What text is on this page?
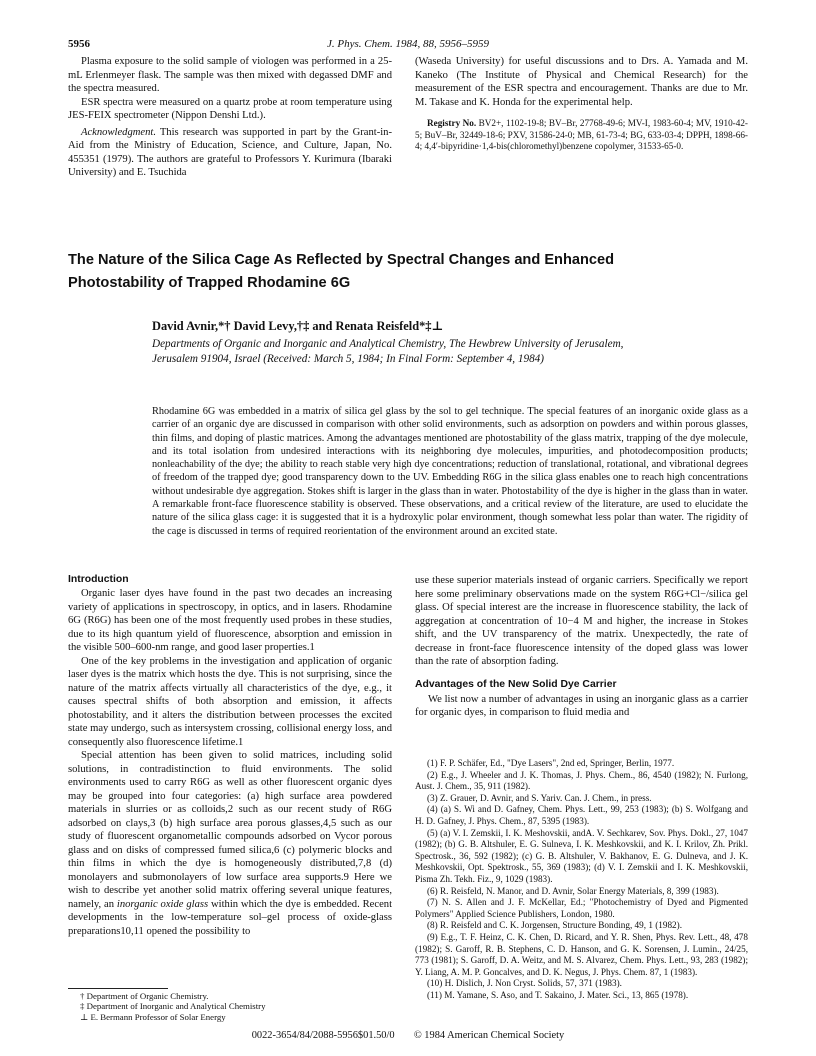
5956	J. Phys. Chem. 1984, 88, 5956–5959

Plasma exposure to the solid sample of viologen was performed in a 25-mL Erlenmeyer flask. The sample was then mixed with degassed DMF and the spectra measured.

ESR spectra were measured on a quartz probe at room temperature using JES-FEIX spectrometer (Nippon Denshi Ltd.).

Acknowledgment. This research was supported in part by the Grant-in-Aid from the Ministry of Education, Science, and Culture, Japan, No. 455351 (1979). The authors are grateful to Professors Y. Kurimura (Ibaraki University) and E. Tsuchida

(Waseda University) for useful discussions and to Drs. A. Yamada and M. Kaneko (The Institute of Physical and Chemical Research) for the measurement of the ESR spectra and encouragement. Thanks are due to Mr. M. Takase and K. Honda for the experimental help.

Registry No. BV2+, 1102-19-8; BV–Br, 27768-49-6; MV-I, 1983-60-4; MV, 1910-42-5; BuV–Br, 32449-18-6; PXV, 31586-24-0; MB, 61-73-4; BG, 633-03-4; DPPH, 1898-66-4; 4,4′-bipyridine·1,4-bis(chloromethyl)benzene copolymer, 31533-65-0.

The Nature of the Silica Cage As Reflected by Spectral Changes and Enhanced
Photostability of Trapped Rhodamine 6G
David Avnir,*† David Levy,†‡ and Renata Reisfeld*‡⊥
Departments of Organic and Inorganic and Analytical Chemistry, The Hewbrew University of Jerusalem,
Jerusalem 91904, Israel (Received: March 5, 1984; In Final Form: September 4, 1984)

Rhodamine 6G was embedded in a matrix of silica gel glass by the sol to gel technique. The special features of an inorganic oxide glass as a carrier of an organic dye are discussed in comparison with other solid environments, such as adsorption on powders and within porous glasses, thin films, and doping of plastic matrices. Among the advantages mentioned are photostability of the glass matrix, trapping of the dye molecule, and its total isolation from undesired interactions with its neighboring dye molecules, impurities, and photodecomposition products; nonleachability of the dye; the ability to reach stable very high dye concentrations; reduction of translational, rotational, and vibrational degrees of freedom of the trapped dye; good transparency down to the UV. Embedding R6G in the silica glass enables one to reach high concentrations without undesirable dye aggregation. Stokes shift is larger in the glass than in water. Photostability of the dye is higher in the glass than in water. A remarkable front-face fluorescence stability is observed. These observations, and a critical review of the literature, are used to elucidate the nature of the silica glass cage: it is suggested that it is a hydroxylic polar environment, though somewhat less polar than water. The rigidity of the cage is discussed in terms of required reorientation of the environment around an excited state.

Introduction

Organic laser dyes have found in the past two decades an increasing variety of applications in spectroscopy, in optics, and in lasers. Rhodamine 6G (R6G) has been one of the most frequently used probes in these studies, due to its high quantum yield of fluorescence, absorption and emission in the visible 500–600-nm range, and good laser properties.1

One of the key problems in the investigation and application of organic laser dyes is the matrix which hosts the dye. This is not surprising, since the nature of the matrix affects virtually all characteristics of the dye, e.g., it causes spectral shifts of both absorption and emission, it affects photostability, and it alters the distribution between processes the excited state may undergo, such as intersystem crossing, collisional energy loss, and consequently also fluorescence lifetime.1

Special attention has been given to solid matrices, including solid solutions, in contradistinction to fluid environments. The solid environments used to carry R6G as well as other fluorescent organic dyes may be grouped into four categories: (a) high surface area powdered materials in slurries or as colloids,2 such as our recent study of R6G adsorbed on clays,3 (b) high surface area porous glasses,4,5 such as our study of fluorescent organometallic compounds adsorbed on Vycor porous glass and on disks of compressed fumed silica,6 (c) polymeric blocks and thin films in which the dye is homogeneously distributed,7,8 (d) monolayers and submonolayers of low surface area supports.9 Here we wish to describe yet another solid matrix offering several unique features, namely, an inorganic oxide glass within which the dye is embedded. Recent developments in the low-temperature sol–gel process of oxide-glass preparations10,11 opened the possibility to

† Department of Organic Chemistry.
‡ Department of Inorganic and Analytical Chemistry
⊥ E. Bermann Professor of Solar Energy

use these superior materials instead of organic carriers. Specifically we report here some preliminary observations made on the system R6G+Cl−/silica gel glass. Of special interest are the increase in fluorescence stability, the lack of aggregation at concentration of 10−4 M and higher, the increase in Stokes shift, and the UV transparency of the matrix. Unexpectedly, the rate of decrease in front-face fluorescence intensity of the doped glass was lower than the rate of absorption fading.

Advantages of the New Solid Dye Carrier

We list now a number of advantages in using an inorganic glass as a carrier for organic dyes, in comparison to fluid media and

(1) F. P. Schäfer, Ed., "Dye Lasers", 2nd ed, Springer, Berlin, 1977.

(2) E.g., J. Wheeler and J. K. Thomas, J. Phys. Chem., 86, 4540 (1982); N. Furlong, Aust. J. Chem., 35, 911 (1982).

(3) Z. Grauer, D. Avnir, and S. Yariv. Can. J. Chem., in press.

(4) (a) S. Wi and D. Gafney, Chem. Phys. Lett., 99, 253 (1983); (b) S. Wolfgang and H. D. Gafney, J. Phys. Chem., 87, 5395 (1983).

(5) (a) V. I. Zemskii, I. K. Meshovskii, andA. V. Sechkarev, Sov. Phys. Dokl., 27, 1047 (1982); (b) G. B. Altshuler, E. G. Sulneva, I. K. Meshkovskii, and K. I. Krilov, Zh. Prikl. Spectrosk., 36, 592 (1982); (c) G. B. Altshuler, V. Bakhanov, E. G. Dulneva, and J. K. Meshkovskii, Opt. Spektrosk., 55, 369 (1983); (d) V. I. Zemskii and I. K. Meshkovskii, Pisma Zh. Tekh. Fiz., 9, 1029 (1983).

(6) R. Reisfeld, N. Manor, and D. Avnir, Solar Energy Materials, 8, 399 (1983).

(7) N. S. Allen and J. F. McKellar, Ed.; "Photochemistry of Dyed and Pigmented Polymers" Applied Science Publishers, London, 1980.

(8) R. Reisfeld and C. K. Jorgensen, Structure Bonding, 49, 1 (1982).

(9) E.g., T. F. Heinz, C. K. Chen, D. Ricard, and Y. R. Shen, Phys. Rev. Lett., 48, 478 (1982); S. Garoff, R. B. Stephens, C. D. Hanson, and G. K. Sorensen, J. Lumin., 24/25, 773 (1981); S. Garoff, D. A. Weitz, and M. S. Alvarez, Chem. Phys. Lett., 93, 283 (1982); Y. Liang, A. M. P. Goncalves, and D. K. Negus, J. Phys. Chem. 87, 1 (1983).

(10) H. Dislich, J. Non Cryst. Solids, 57, 371 (1983).

(11) M. Yamane, S. Aso, and T. Sakaino, J. Mater. Sci., 13, 865 (1978).

0022-3654/84/2088-5956$01.50/0 © 1984 American Chemical Society
